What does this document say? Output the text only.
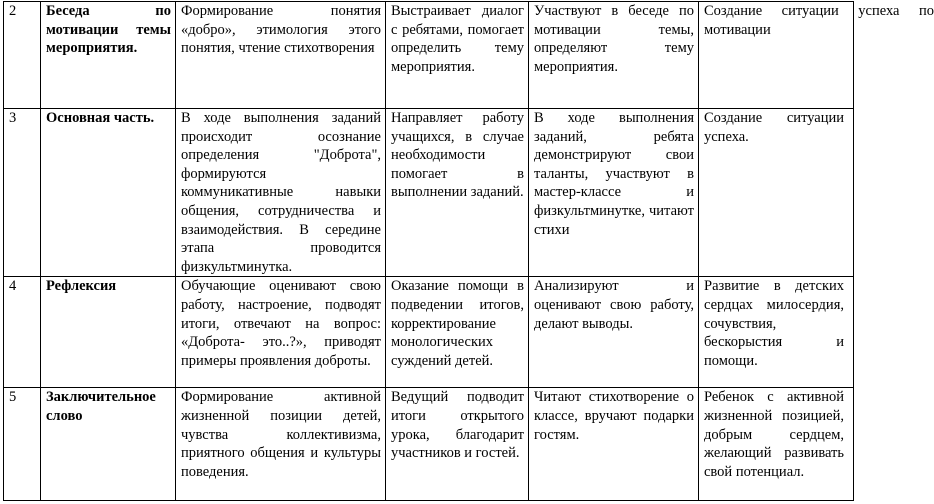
2	Беседа по мотивации темы мероприятия.	Формирование понятия «добро», этимология этого понятия, чтение стихотворения	Выстраивает диалог с ребятами, помогает определить тему мероприятия.	Участвуют в беседе по мотивации темы, определяют тему мероприятия.	Создание ситуации успеха по мотивации

3	Основная часть.	В ходе выполнения заданий происходит осознание определения "Доброта", формируются коммуникативные навыки общения, сотрудничества и взаимодействия. В середине этапа проводится физкультминутка.	Направляет работу учащихся, в случае необходимости помогает в выполнении заданий.	В ходе выполнения заданий, ребята демонстрируют свои таланты, участвуют в мастер-классе и физкультминутке, читают стихи	Создание ситуации успеха.

4	Рефлексия	Обучающие оценивают свою работу, настроение, подводят итоги, отвечают на вопрос: «Доброта- это..?», приводят примеры проявления доброты.	Оказание помощи в подведении итогов, корректирование монологических суждений детей.	Анализируют и оценивают свою работу, делают выводы.	Развитие в детских сердцах милосердия, сочувствия, бескорыстия и помощи.

5	Заключительное слово	Формирование активной жизненной позиции детей, чувства коллективизма, приятного общения и культуры поведения.	Ведущий подводит итоги открытого урока, благодарит участников и гостей.	Читают стихотворение о классе, вручают подарки гостям.	Ребенок с активной жизненной позицией, добрым сердцем, желающий развивать свой потенциал.
